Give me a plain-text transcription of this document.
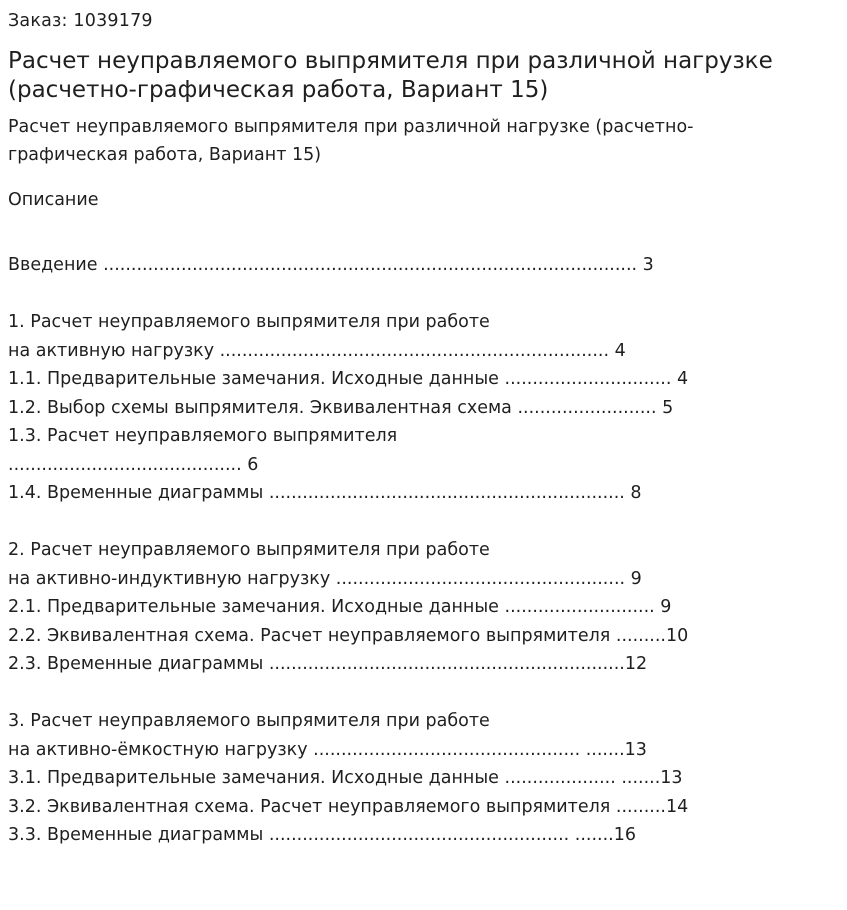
Заказ: 1039179
Расчет неуправляемого выпрямителя при различной нагрузке
(расчетно-графическая работа, Вариант 15)
Расчет неуправляемого выпрямителя при различной нагрузке (расчетно-
графическая работа, Вариант 15)
Описание
Введение ................................................................................................ 3
1. Расчет неуправляемого выпрямителя при работе
на активную нагрузку ...................................................................... 4
1.1. Предварительные замечания. Исходные данные .............................. 4
1.2. Выбор схемы выпрямителя. Эквивалентная схема ......................... 5
1.3. Расчет неуправляемого выпрямителя
.......................................... 6
1.4. Временные диаграммы ................................................................ 8
2. Расчет неуправляемого выпрямителя при работе
на активно-индуктивную нагрузку .................................................... 9
2.1. Предварительные замечания. Исходные данные ........................... 9
2.2. Эквивалентная схема. Расчет неуправляемого выпрямителя .........10
2.3. Временные диаграммы ................................................................12
3. Расчет неуправляемого выпрямителя при работе
на активно-ёмкостную нагрузку ................................................ .......13
3.1. Предварительные замечания. Исходные данные .................... .......13
3.2. Эквивалентная схема. Расчет неуправляемого выпрямителя .........14
3.3. Временные диаграммы ...................................................... .......16
